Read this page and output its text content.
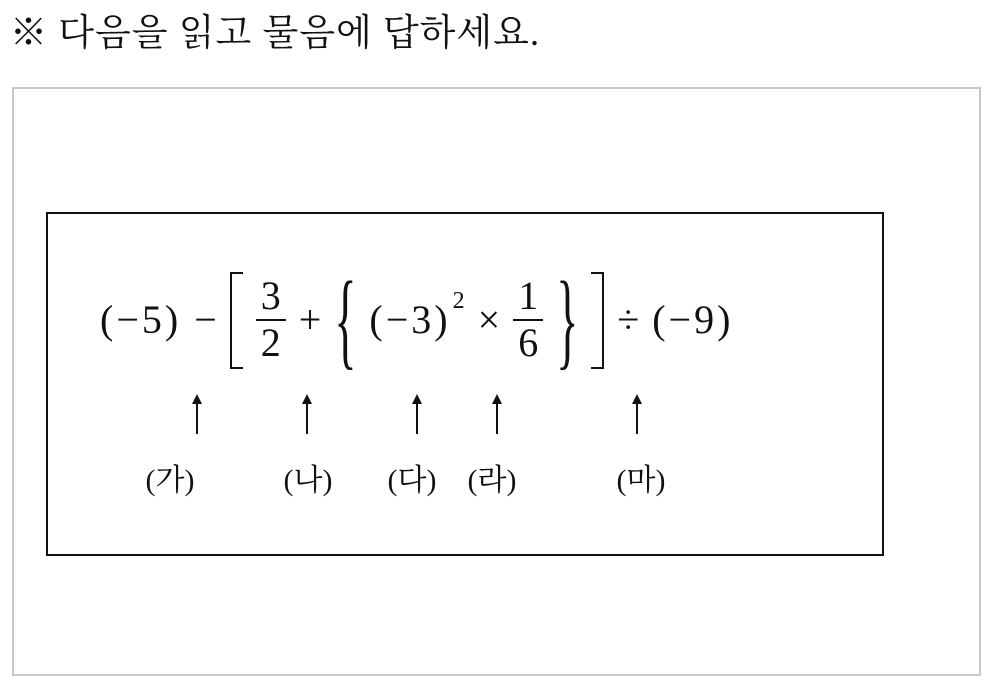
※ 다음을 읽고 물음에 답하세요.
$(-5) - \frac{3}{2}$ + { (−3) $2 \times \frac{1}{6}$ } ÷ (−9)
(가)	(나) (다) (라)	(마)
